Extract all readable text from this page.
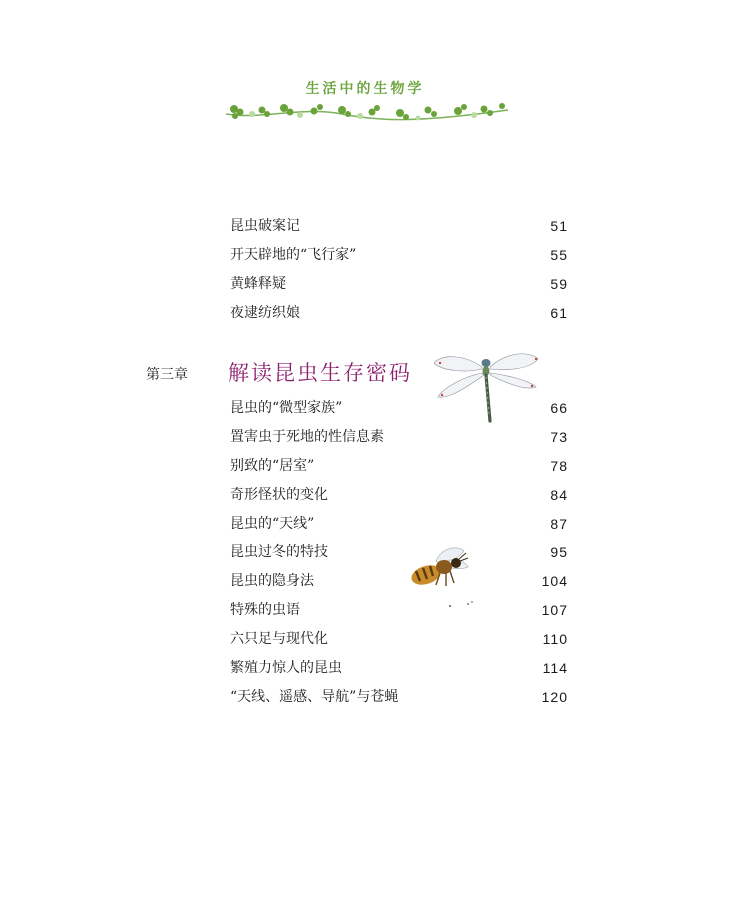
生活中的生物学
昆虫破案记	51
开天辟地的“飞行家”	55
黄蜂释疑	59
夜逮纺织娘	61
第三章 解读昆虫生存密码
昆虫的“微型家族”	66
置害虫于死地的性信息素	73
别致的“居室”	78
奇形怪状的变化	84
昆虫的“天线”	87
昆虫过冬的特技	95
昆虫的隐身法	104
特殊的虫语	107
六只足与现代化	110
繁殖力惊人的昆虫	114
“天线、遥感、导航”与苍蝇	120
